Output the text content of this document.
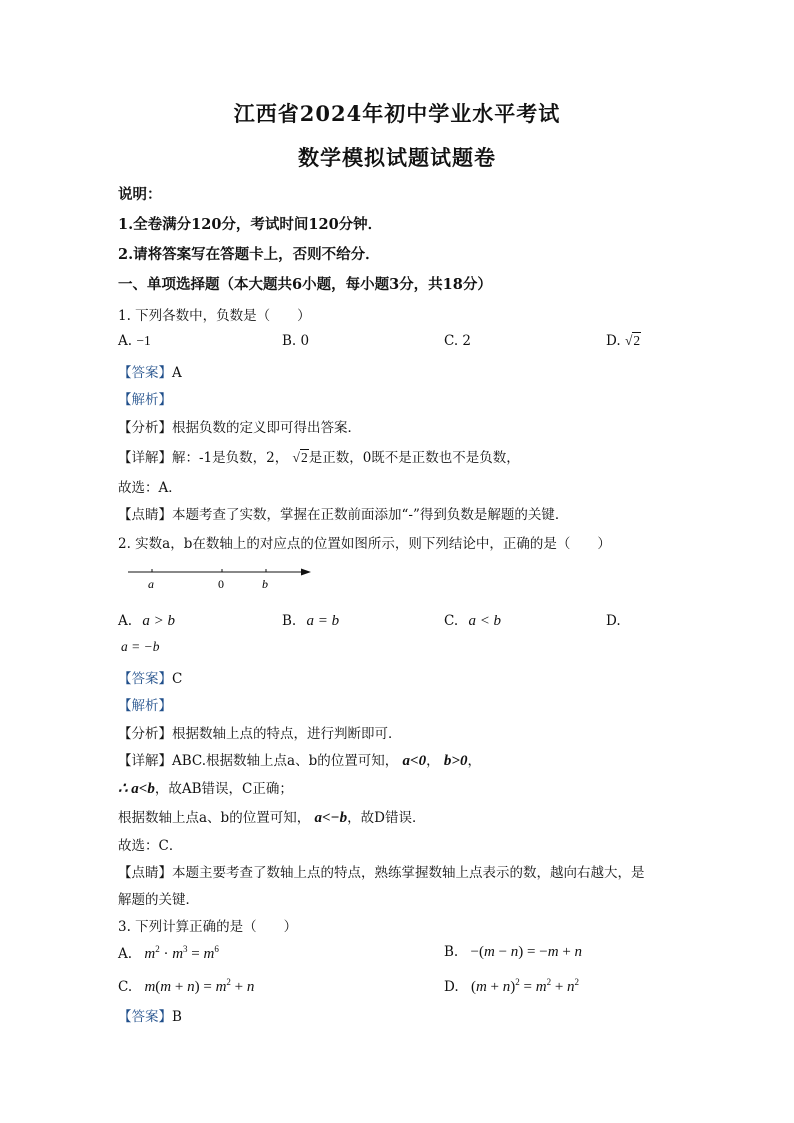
江西省2024年初中学业水平考试
数学模拟试题试题卷
说明：
1.全卷满分120分，考试时间120分钟．
2.请将答案写在答题卡上，否则不给分．
一、单项选择题（本大题共6小题，每小题3分，共18分）
1. 下列各数中，负数是（　　）
A. −1	B. 0	C. 2	D. √2
【答案】A
【解析】
【分析】根据负数的定义即可得出答案．
【详解】解：-1是负数，2， √2是正数，0既不是正数也不是负数，
故选：A．
【点睛】本题考查了实数，掌握在正数前面添加“-”得到负数是解题的关键．
2. 实数a，b在数轴上的对应点的位置如图所示，则下列结论中，正确的是（　　）
a	0	b
A. a > b	B. a = b	C. a < b	D.
a = −b
【答案】C
【解析】
【分析】根据数轴上点的特点，进行判断即可．
【详解】ABC.根据数轴上点a、b的位置可知， a<0， b>0，
∴ a<b，故AB错误，C正确；
根据数轴上点a、b的位置可知， a<−b，故D错误．
故选：C．
【点睛】本题主要考查了数轴上点的特点，熟练掌握数轴上点表示的数，越向右越大，是
解题的关键．
3. 下列计算正确的是（　　）
A. $m^2 \cdot m^3 = m^6$	B. −(m − n) = −m + n
C. $m(m + n) = m^2 + n$	D. $(m + n)^2 = m^2 + n^2$
【答案】B
